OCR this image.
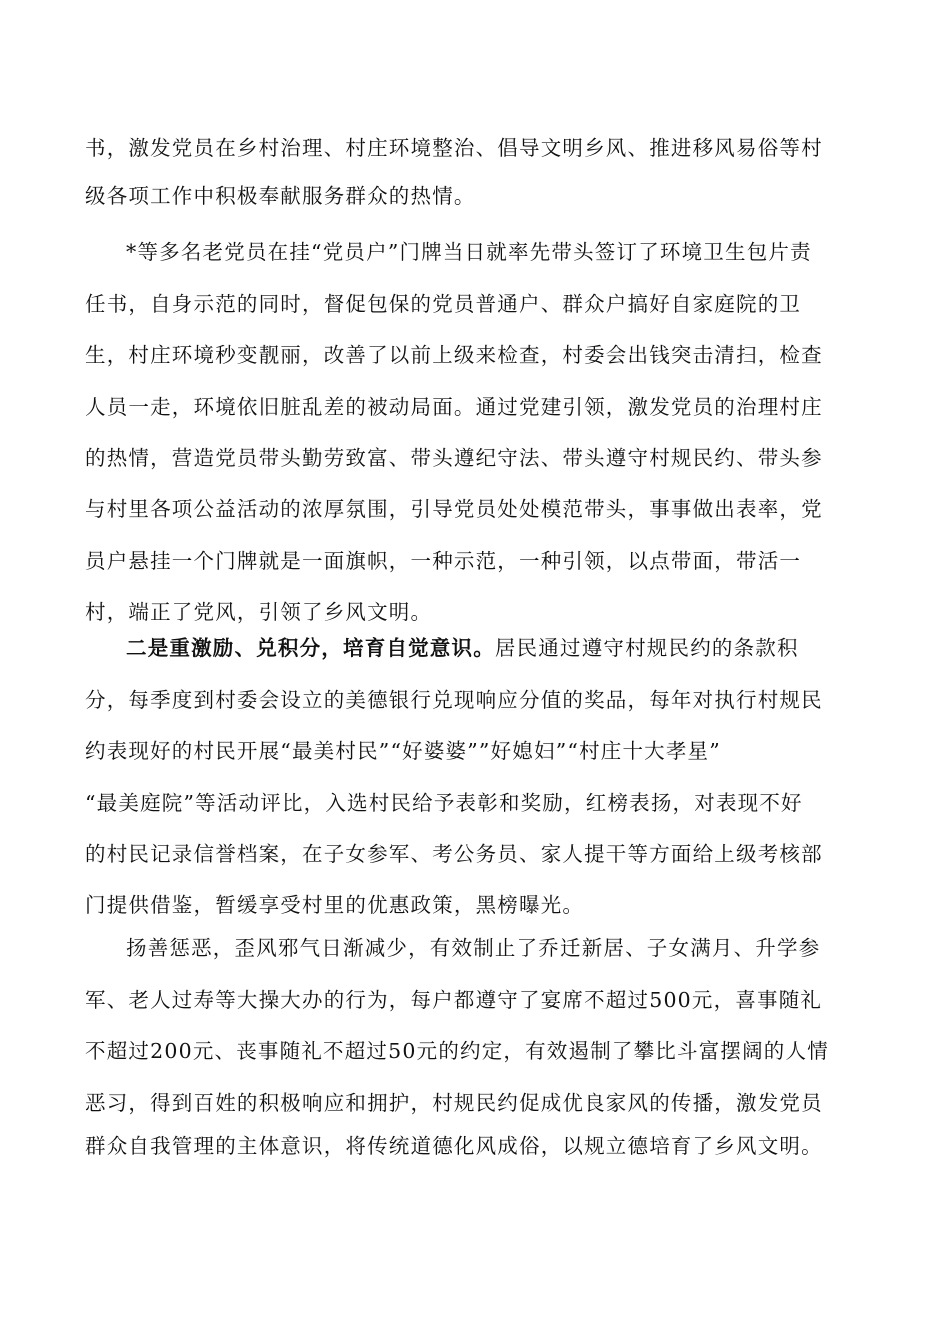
书，激发党员在乡村治理、村庄环境整治、倡导文明乡风、推进移风易俗等村
级各项工作中积极奉献服务群众的热情。
*等多名老党员在挂“党员户”门牌当日就率先带头签订了环境卫生包片责
任书，自身示范的同时，督促包保的党员普通户、群众户搞好自家庭院的卫
生，村庄环境秒变靓丽，改善了以前上级来检查，村委会出钱突击清扫，检查
人员一走，环境依旧脏乱差的被动局面。通过党建引领，激发党员的治理村庄
的热情，营造党员带头勤劳致富、带头遵纪守法、带头遵守村规民约、带头参
与村里各项公益活动的浓厚氛围，引导党员处处模范带头，事事做出表率，党
员户悬挂一个门牌就是一面旗帜，一种示范，一种引领，以点带面，带活一
村，端正了党风，引领了乡风文明。
二是重激励、兑积分，培育自觉意识。居民通过遵守村规民约的条款积
分，每季度到村委会设立的美德银行兑现响应分值的奖品，每年对执行村规民
约表现好的村民开展“最美村民”“好婆婆””好媳妇”“村庄十大孝星”
“最美庭院”等活动评比，入选村民给予表彰和奖励，红榜表扬，对表现不好
的村民记录信誉档案，在子女参军、考公务员、家人提干等方面给上级考核部
门提供借鉴，暂缓享受村里的优惠政策，黑榜曝光。
扬善惩恶，歪风邪气日渐减少，有效制止了乔迁新居、子女满月、升学参
军、老人过寿等大操大办的行为，每户都遵守了宴席不超过500元，喜事随礼
不超过200元、丧事随礼不超过50元的约定，有效遏制了攀比斗富摆阔的人情
恶习，得到百姓的积极响应和拥护，村规民约促成优良家风的传播，激发党员
群众自我管理的主体意识，将传统道德化风成俗，以规立德培育了乡风文明。
